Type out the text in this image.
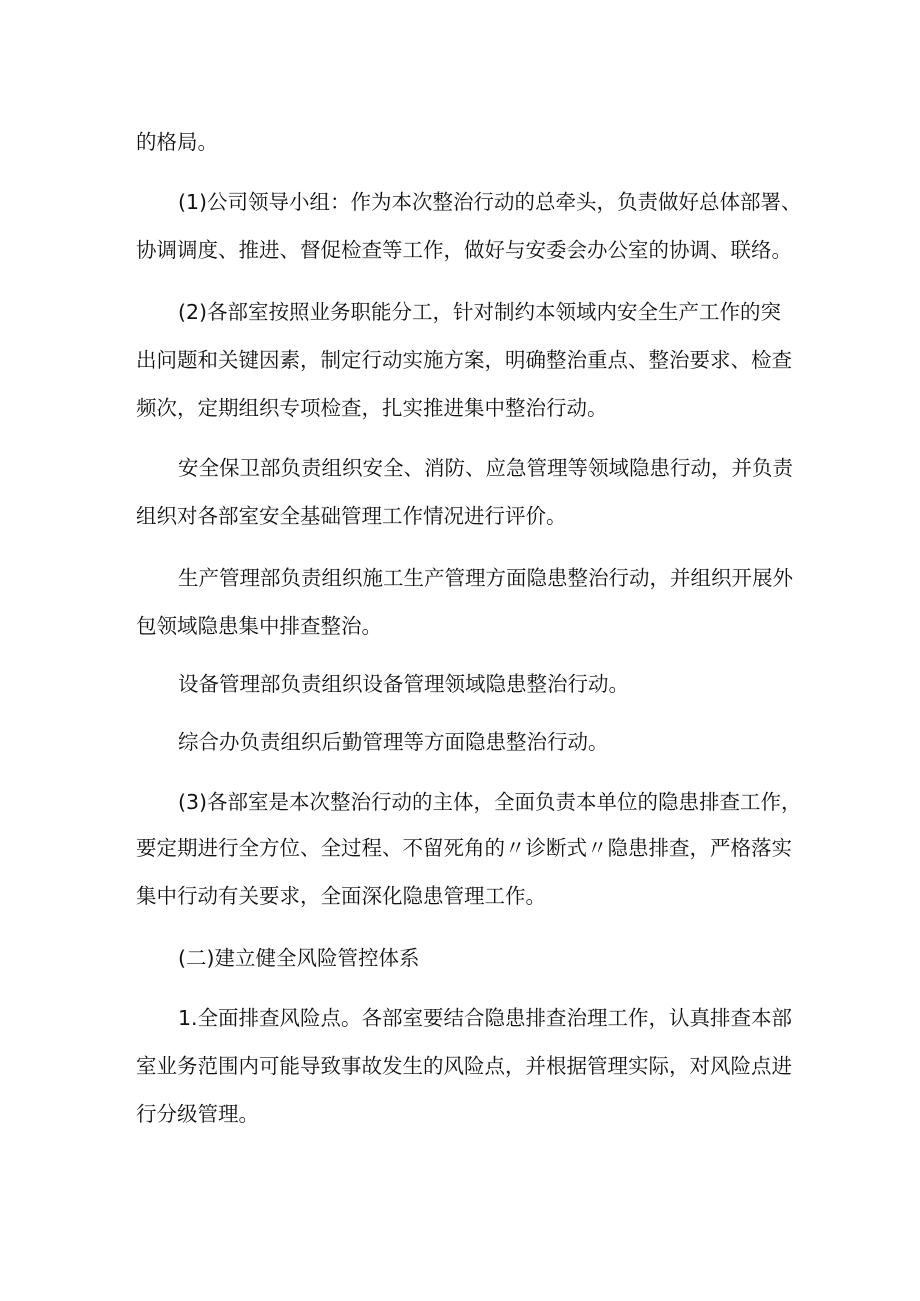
的格局。
(1)公司领导小组：作为本次整治行动的总牵头，负责做好总体部署、
协调调度、推进、督促检查等工作，做好与安委会办公室的协调、联络。
(2)各部室按照业务职能分工，针对制约本领域内安全生产工作的突
出问题和关键因素，制定行动实施方案，明确整治重点、整治要求、检查
频次，定期组织专项检查，扎实推进集中整治行动。
安全保卫部负责组织安全、消防、应急管理等领域隐患行动，并负责
组织对各部室安全基础管理工作情况进行评价。
生产管理部负责组织施工生产管理方面隐患整治行动，并组织开展外
包领域隐患集中排查整治。
设备管理部负责组织设备管理领域隐患整治行动。
综合办负责组织后勤管理等方面隐患整治行动。
(3)各部室是本次整治行动的主体，全面负责本单位的隐患排查工作，
要定期进行全方位、全过程、不留死角的〃诊断式〃隐患排查，严格落实
集中行动有关要求，全面深化隐患管理工作。
(二)建立健全风险管控体系
1.全面排查风险点。各部室要结合隐患排查治理工作，认真排查本部
室业务范围内可能导致事故发生的风险点，并根据管理实际，对风险点进
行分级管理。
